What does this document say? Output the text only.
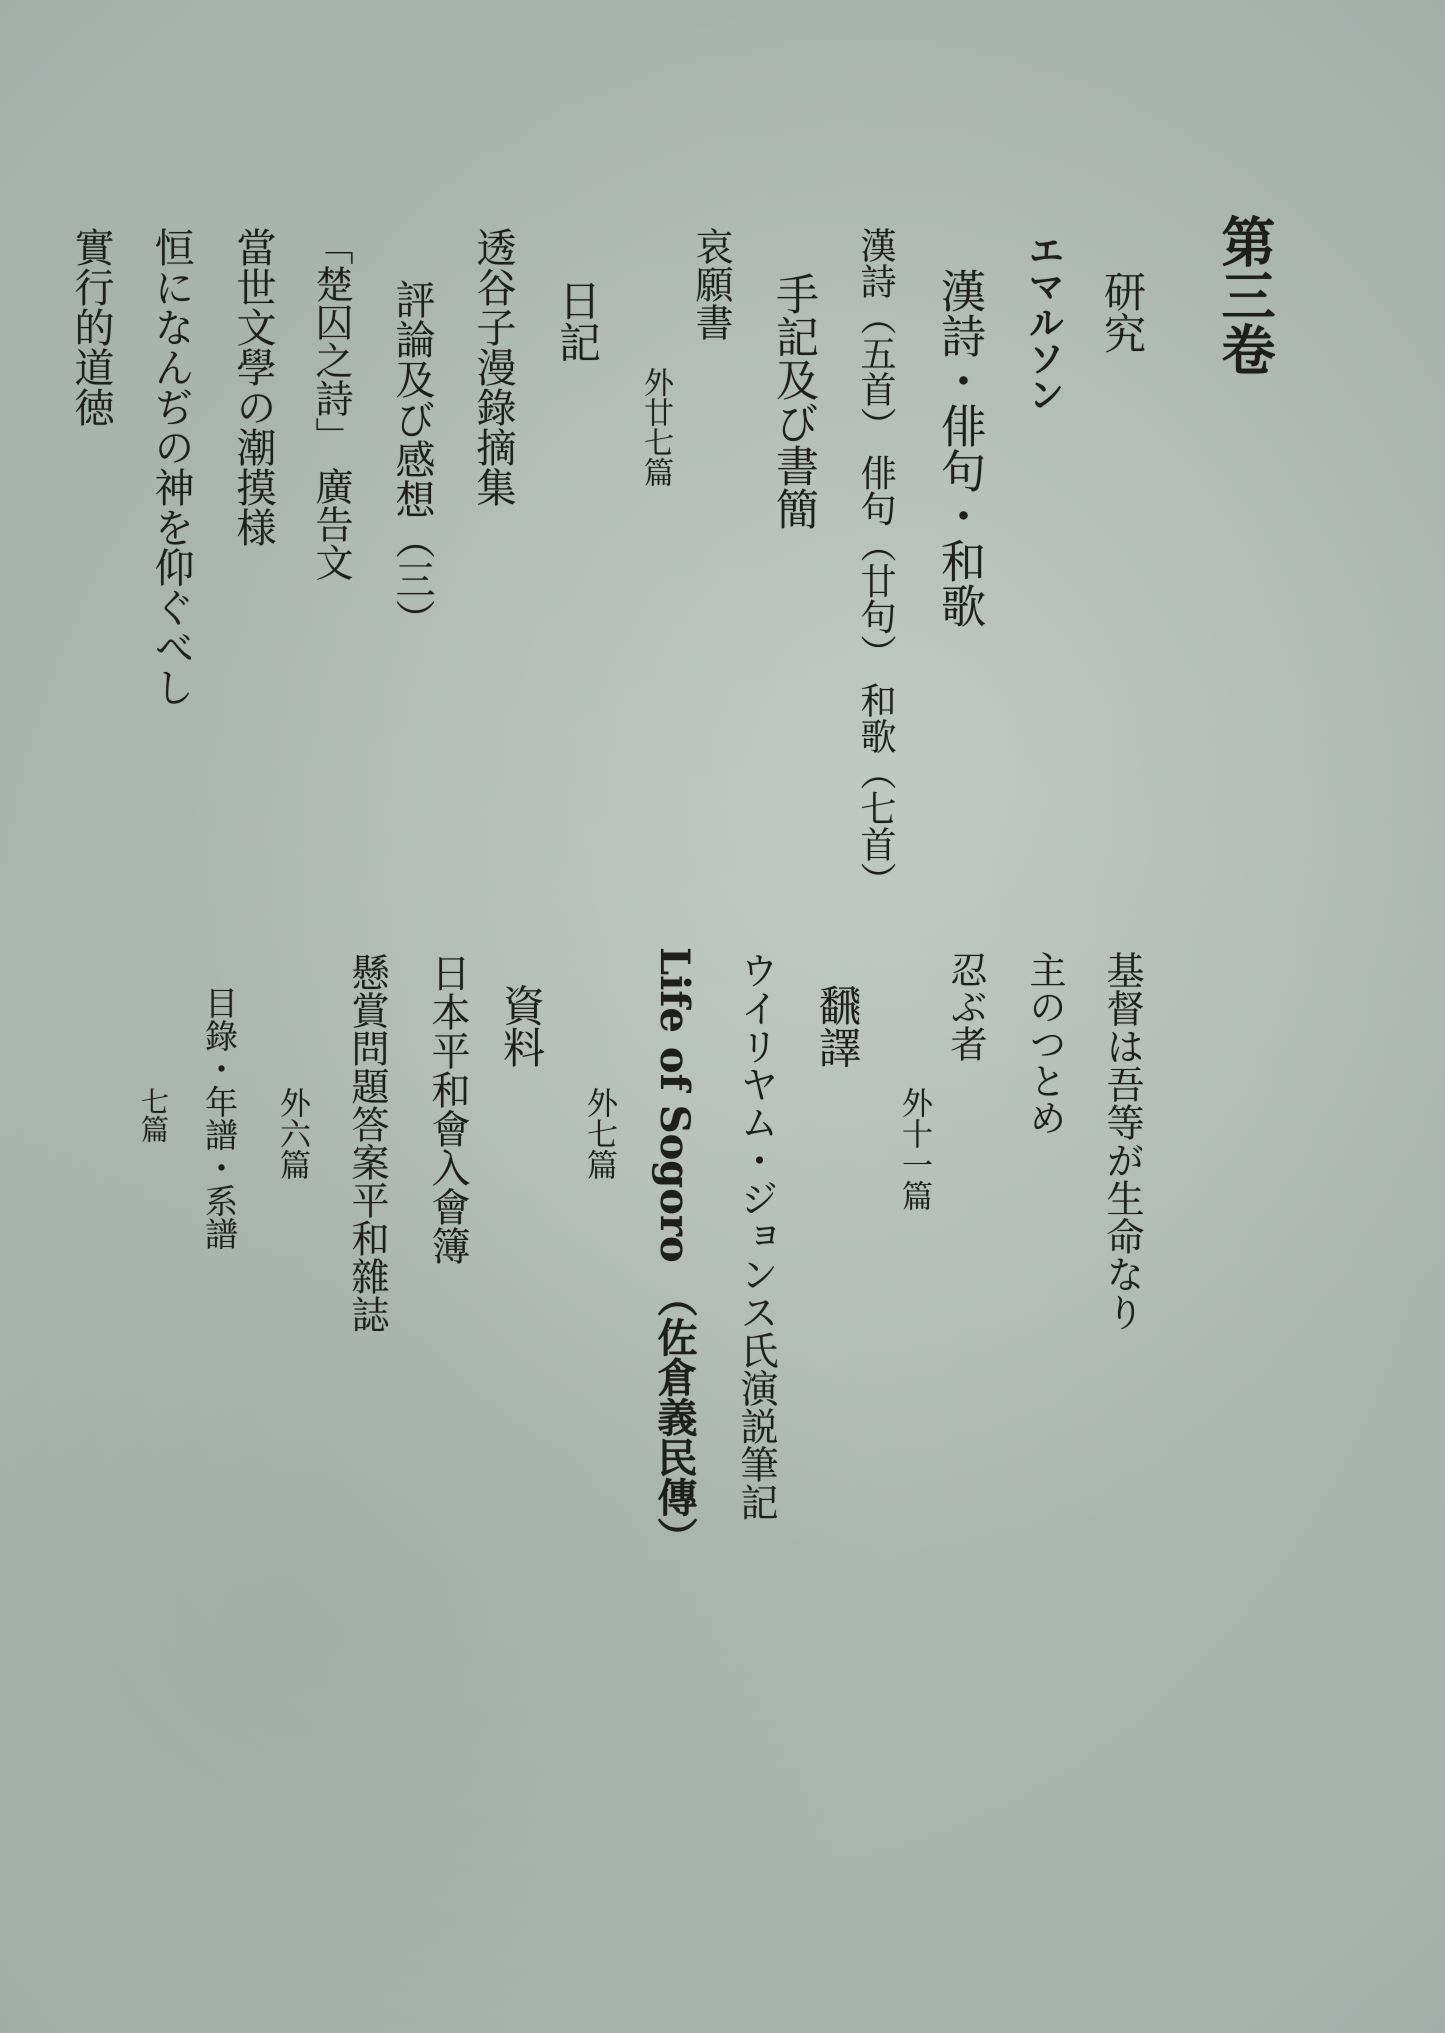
第三卷
研究
エマルソン
漢詩・俳句・和歌
漢詩（五首） 俳句（廿句） 和歌（七首）
手記及び書簡
哀願書
外廿七篇
日記
透谷子漫錄摘集
評論及び感想（三）
「楚囚之詩」 廣告文
當世文學の潮摸様
恒になんぢの神を仰ぐべし
實行的道徳
基督は吾等が生命なり
主のつとめ
忍ぶ者
外十一篇
飜譯
ウイリヤム・ジョンス氏演説筆記
Life of Sogoro （佐倉義民傳）
外七篇
資料
日本平和會入會簿
懸賞問題答案平和雜誌
外六篇
目錄・年譜・系譜
七篇
